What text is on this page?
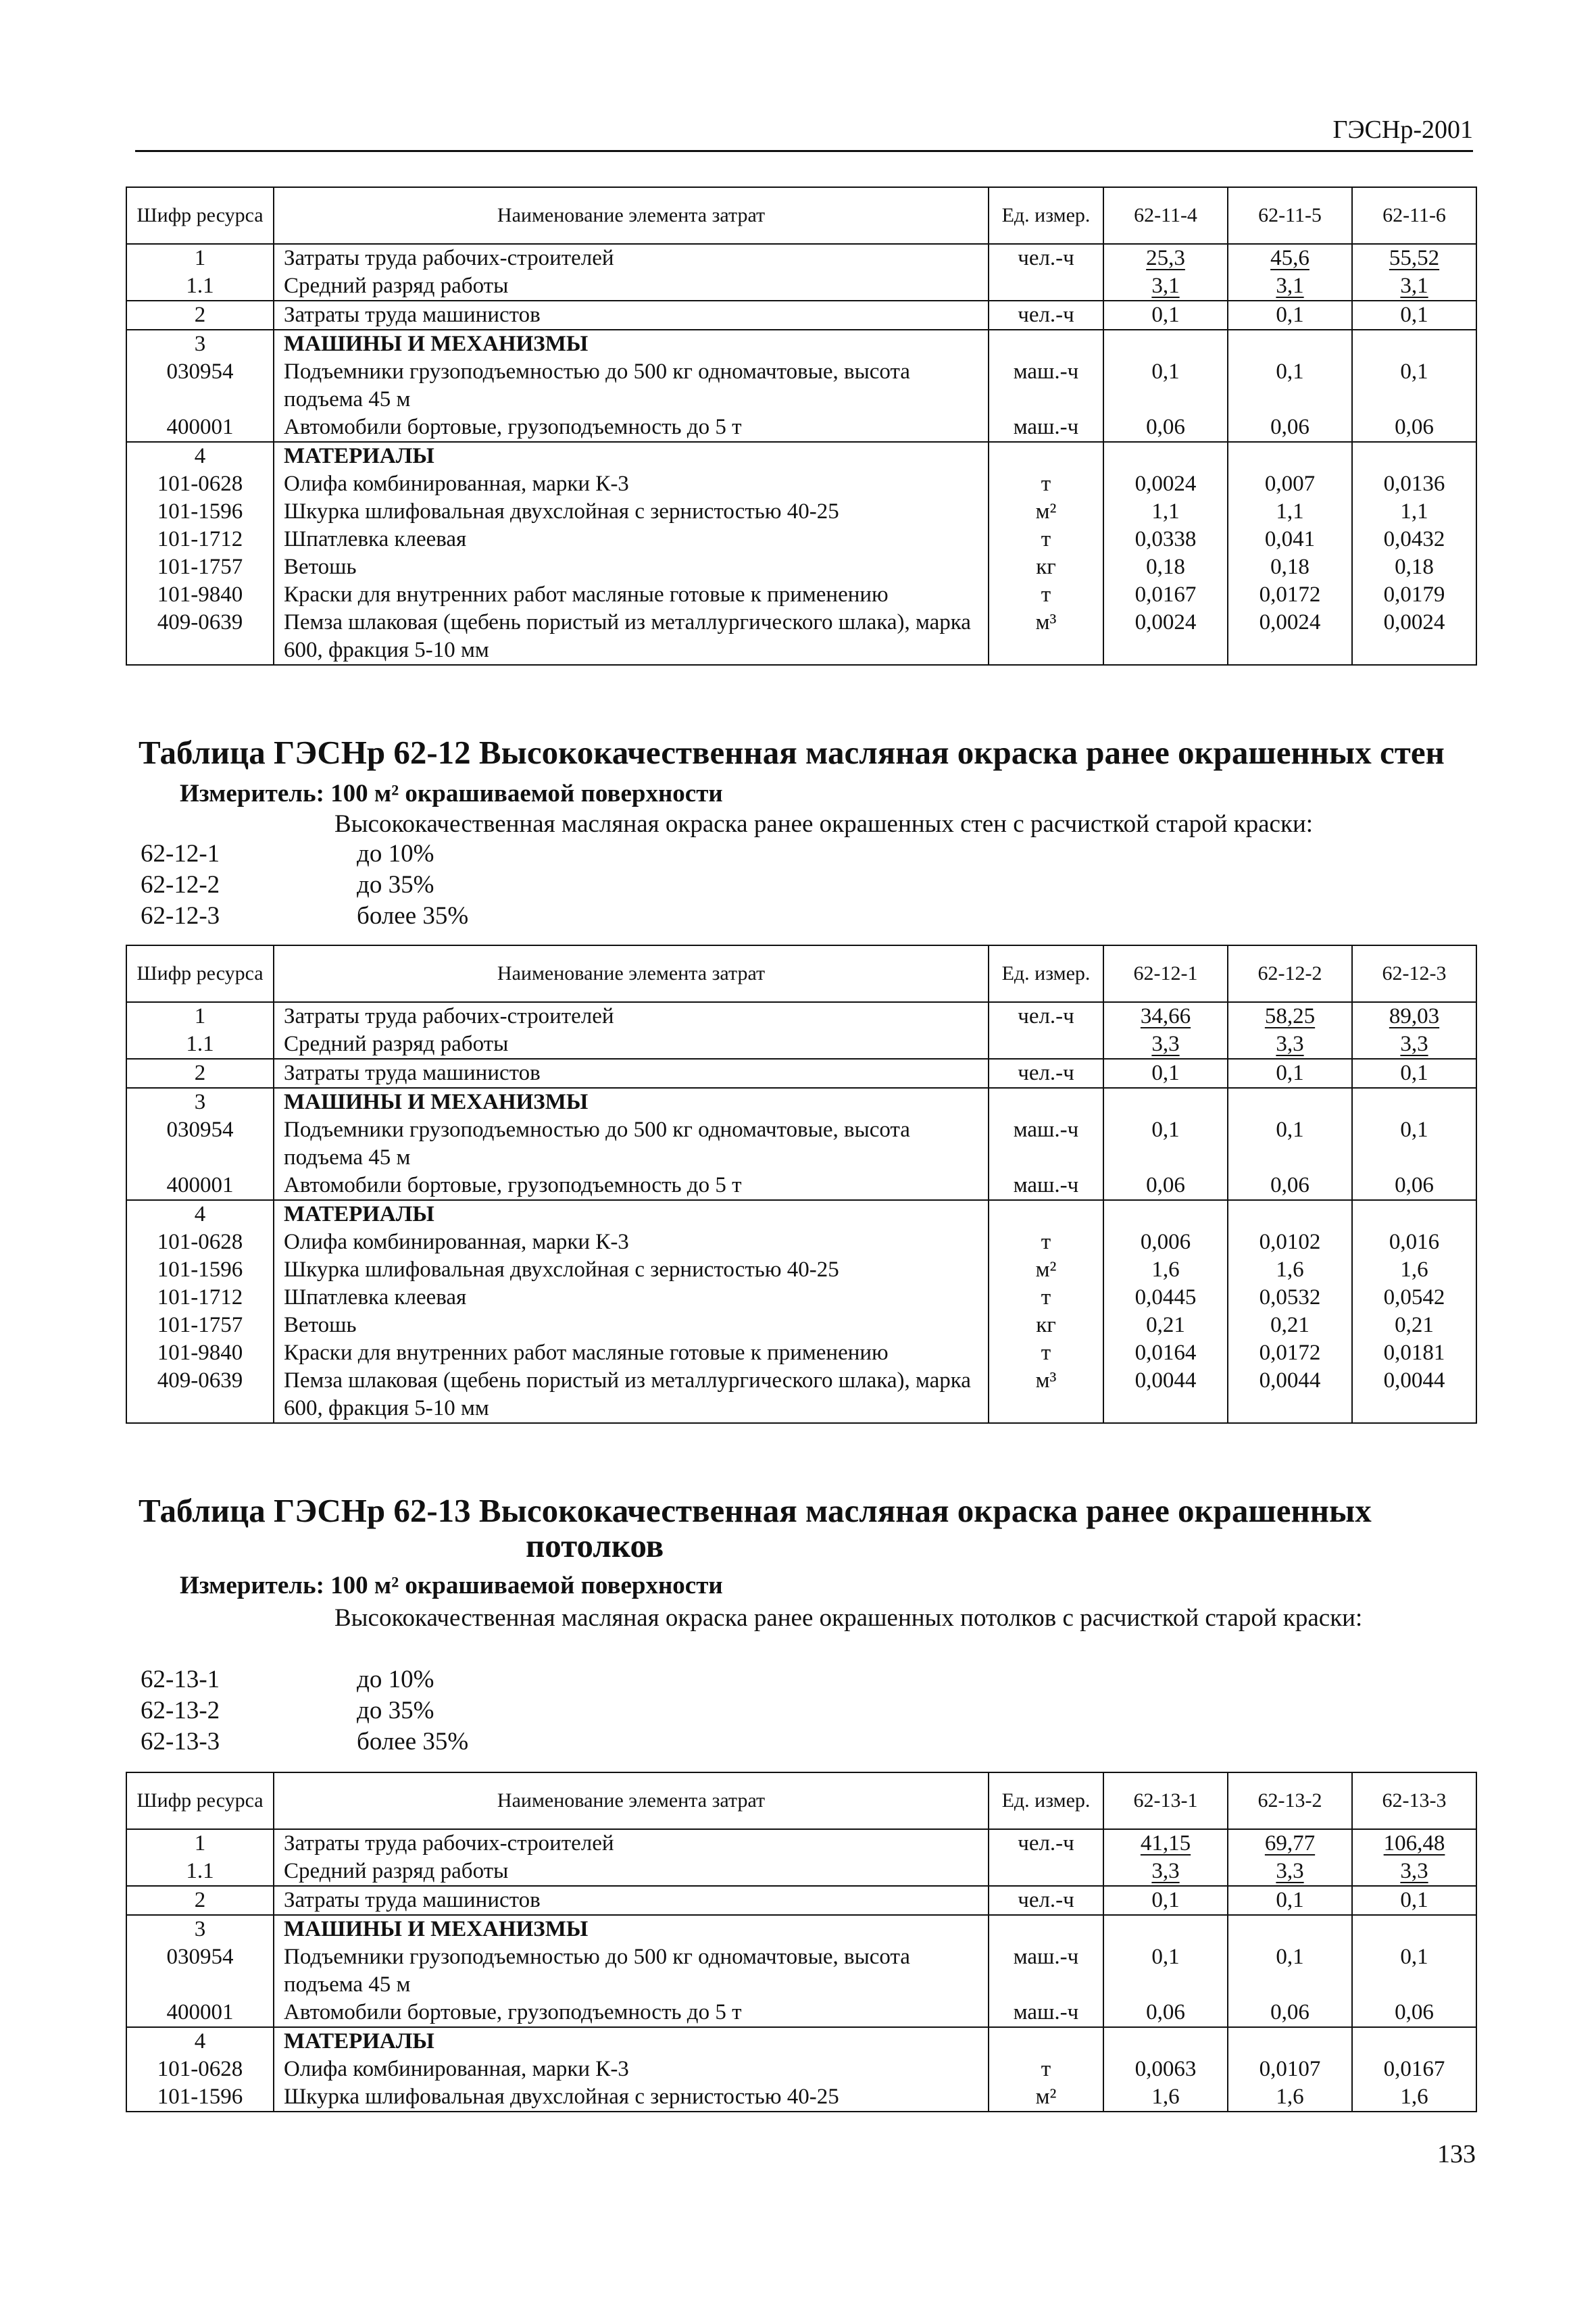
ГЭСНр-2001
Шифр ресурса	Наименование элемента затрат	Ед. измер.	62-11-4	62-11-5	62-11-6
1	Затраты труда рабочих-строителей	чел.-ч	25,3	45,6	55,52
1.1	Средний разряд работы		3,1	3,1	3,1
2	Затраты труда машинистов	чел.-ч	0,1	0,1	0,1
3	МАШИНЫ И МЕХАНИЗМЫ				
030954	Подъемники грузоподъемностью до 500 кг одномачтовые, высота подъема 45 м	маш.-ч	0,1	0,1	0,1
400001	Автомобили бортовые, грузоподъемность до 5 т	маш.-ч	0,06	0,06	0,06
4	МАТЕРИАЛЫ				
101-0628	Олифа комбинированная, марки К-3	т	0,0024	0,007	0,0136
101-1596	Шкурка шлифовальная двухслойная с зернистостью 40-25	м²	1,1	1,1	1,1
101-1712	Шпатлевка клеевая	т	0,0338	0,041	0,0432
101-1757	Ветошь	кг	0,18	0,18	0,18
101-9840	Краски для внутренних работ масляные готовые к применению	т	0,0167	0,0172	0,0179
409-0639	Пемза шлаковая (щебень пористый из металлургического шлака), марка 600, фракция 5-10 мм	м³	0,0024	0,0024	0,0024
Таблица ГЭСНр 62-12 Высококачественная масляная окраска ранее окрашенных стен
Измеритель: 100 м² окрашиваемой поверхности
Высококачественная масляная окраска ранее окрашенных стен с расчисткой старой краски:
62-12-1	до 10%
62-12-2	до 35%
62-12-3	более 35%
Шифр ресурса	Наименование элемента затрат	Ед. измер.	62-12-1	62-12-2	62-12-3
1	Затраты труда рабочих-строителей	чел.-ч	34,66	58,25	89,03
1.1	Средний разряд работы		3,3	3,3	3,3
2	Затраты труда машинистов	чел.-ч	0,1	0,1	0,1
3	МАШИНЫ И МЕХАНИЗМЫ				
030954	Подъемники грузоподъемностью до 500 кг одномачтовые, высота подъема 45 м	маш.-ч	0,1	0,1	0,1
400001	Автомобили бортовые, грузоподъемность до 5 т	маш.-ч	0,06	0,06	0,06
4	МАТЕРИАЛЫ				
101-0628	Олифа комбинированная, марки К-3	т	0,006	0,0102	0,016
101-1596	Шкурка шлифовальная двухслойная с зернистостью 40-25	м²	1,6	1,6	1,6
101-1712	Шпатлевка клеевая	т	0,0445	0,0532	0,0542
101-1757	Ветошь	кг	0,21	0,21	0,21
101-9840	Краски для внутренних работ масляные готовые к применению	т	0,0164	0,0172	0,0181
409-0639	Пемза шлаковая (щебень пористый из металлургического шлака), марка 600, фракция 5-10 мм	м³	0,0044	0,0044	0,0044
Таблица ГЭСНр 62-13 Высококачественная масляная окраска ранее окрашенных
потолков
Измеритель: 100 м² окрашиваемой поверхности
Высококачественная масляная окраска ранее окрашенных потолков с расчисткой старой краски:
62-13-1	до 10%
62-13-2	до 35%
62-13-3	более 35%
Шифр ресурса	Наименование элемента затрат	Ед. измер.	62-13-1	62-13-2	62-13-3
1	Затраты труда рабочих-строителей	чел.-ч	41,15	69,77	106,48
1.1	Средний разряд работы		3,3	3,3	3,3
2	Затраты труда машинистов	чел.-ч	0,1	0,1	0,1
3	МАШИНЫ И МЕХАНИЗМЫ				
030954	Подъемники грузоподъемностью до 500 кг одномачтовые, высота подъема 45 м	маш.-ч	0,1	0,1	0,1
400001	Автомобили бортовые, грузоподъемность до 5 т	маш.-ч	0,06	0,06	0,06
4	МАТЕРИАЛЫ				
101-0628	Олифа комбинированная, марки К-3	т	0,0063	0,0107	0,0167
101-1596	Шкурка шлифовальная двухслойная с зернистостью 40-25	м²	1,6	1,6	1,6
133
